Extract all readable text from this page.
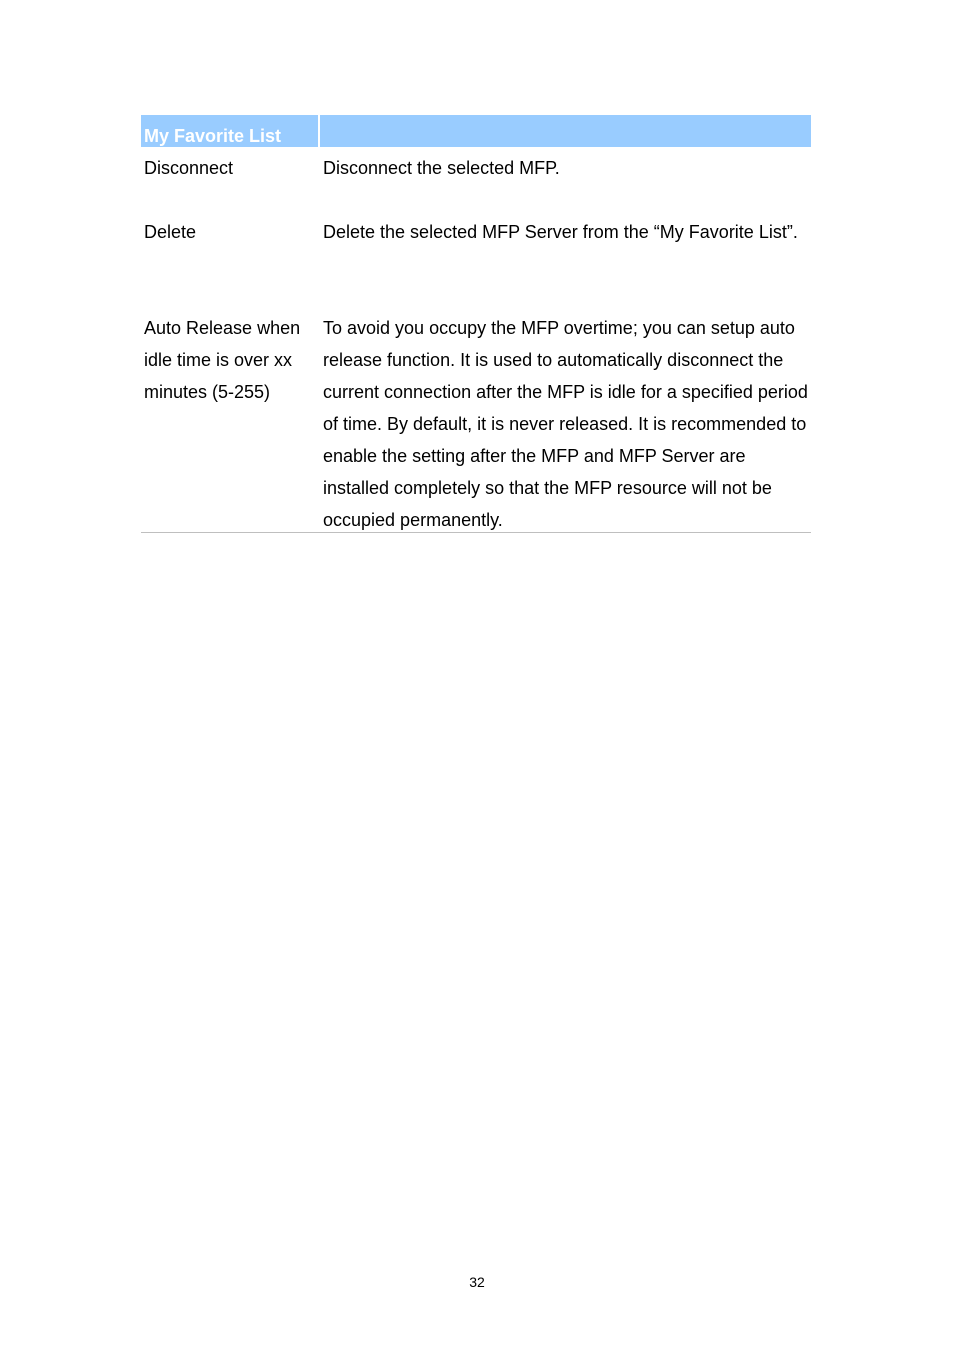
My Favorite List
Disconnect	Disconnect the selected MFP.
Delete	Delete the selected MFP Server from the “My Favorite List”.
Auto Release when idle time is over xx minutes (5-255)
To avoid you occupy the MFP overtime; you can setup auto release function. It is used to automatically disconnect the current connection after the MFP is idle for a specified period of time. By default, it is never released. It is recommended to enable the setting after the MFP and MFP Server are installed completely so that the MFP resource will not be occupied permanently.
32
